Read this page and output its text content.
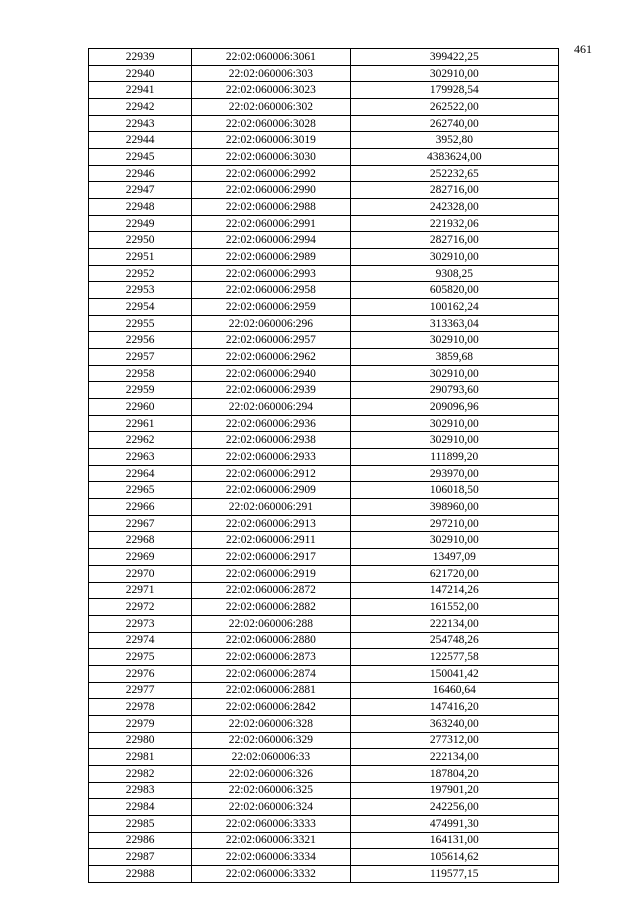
461
22939	22:02:060006:3061	399422,25
22940	22:02:060006:303	302910,00
22941	22:02:060006:3023	179928,54
22942	22:02:060006:302	262522,00
22943	22:02:060006:3028	262740,00
22944	22:02:060006:3019	3952,80
22945	22:02:060006:3030	4383624,00
22946	22:02:060006:2992	252232,65
22947	22:02:060006:2990	282716,00
22948	22:02:060006:2988	242328,00
22949	22:02:060006:2991	221932,06
22950	22:02:060006:2994	282716,00
22951	22:02:060006:2989	302910,00
22952	22:02:060006:2993	9308,25
22953	22:02:060006:2958	605820,00
22954	22:02:060006:2959	100162,24
22955	22:02:060006:296	313363,04
22956	22:02:060006:2957	302910,00
22957	22:02:060006:2962	3859,68
22958	22:02:060006:2940	302910,00
22959	22:02:060006:2939	290793,60
22960	22:02:060006:294	209096,96
22961	22:02:060006:2936	302910,00
22962	22:02:060006:2938	302910,00
22963	22:02:060006:2933	111899,20
22964	22:02:060006:2912	293970,00
22965	22:02:060006:2909	106018,50
22966	22:02:060006:291	398960,00
22967	22:02:060006:2913	297210,00
22968	22:02:060006:2911	302910,00
22969	22:02:060006:2917	13497,09
22970	22:02:060006:2919	621720,00
22971	22:02:060006:2872	147214,26
22972	22:02:060006:2882	161552,00
22973	22:02:060006:288	222134,00
22974	22:02:060006:2880	254748,26
22975	22:02:060006:2873	122577,58
22976	22:02:060006:2874	150041,42
22977	22:02:060006:2881	16460,64
22978	22:02:060006:2842	147416,20
22979	22:02:060006:328	363240,00
22980	22:02:060006:329	277312,00
22981	22:02:060006:33	222134,00
22982	22:02:060006:326	187804,20
22983	22:02:060006:325	197901,20
22984	22:02:060006:324	242256,00
22985	22:02:060006:3333	474991,30
22986	22:02:060006:3321	164131,00
22987	22:02:060006:3334	105614,62
22988	22:02:060006:3332	119577,15
